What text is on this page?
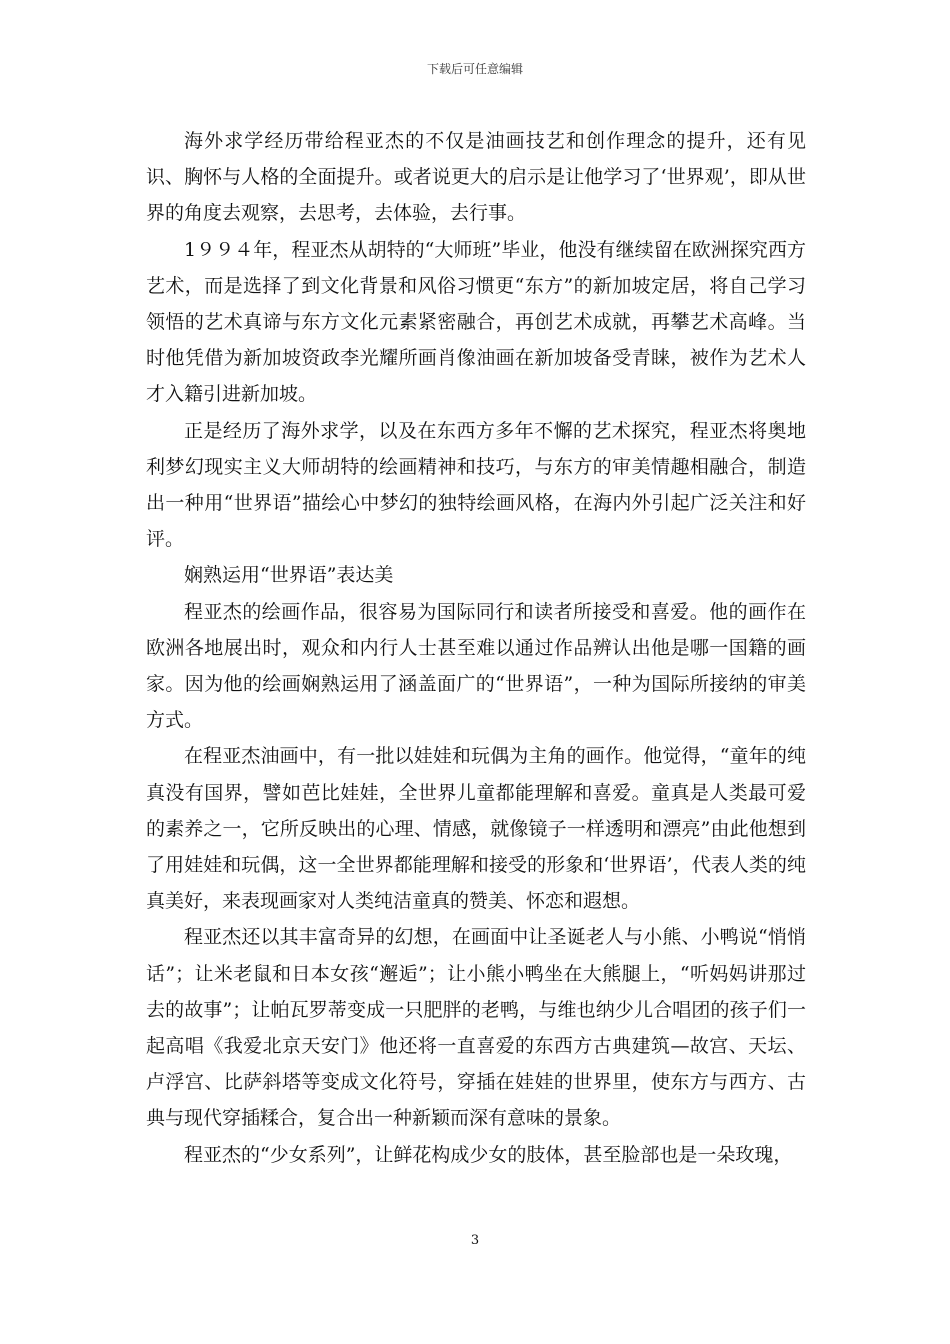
下载后可任意编辑

海外求学经历带给程亚杰的不仅是油画技艺和创作理念的提升，还有见识、胸怀与人格的全面提升。或者说更大的启示是让他学习了‘世界观’，即从世界的角度去观察，去思考，去体验，去行事。

1９９４年，程亚杰从胡特的“大师班”毕业，他没有继续留在欧洲探究西方艺术，而是选择了到文化背景和风俗习惯更“东方”的新加坡定居，将自己学习领悟的艺术真谛与东方文化元素紧密融合，再创艺术成就，再攀艺术高峰。当时他凭借为新加坡资政李光耀所画肖像油画在新加坡备受青睐，被作为艺术人才入籍引进新加坡。

正是经历了海外求学，以及在东西方多年不懈的艺术探究，程亚杰将奥地利梦幻现实主义大师胡特的绘画精神和技巧，与东方的审美情趣相融合，制造出一种用“世界语”描绘心中梦幻的独特绘画风格，在海内外引起广泛关注和好评。

娴熟运用“世界语”表达美

程亚杰的绘画作品，很容易为国际同行和读者所接受和喜爱。他的画作在欧洲各地展出时，观众和内行人士甚至难以通过作品辨认出他是哪一国籍的画家。因为他的绘画娴熟运用了涵盖面广的“世界语”，一种为国际所接纳的审美方式。

在程亚杰油画中，有一批以娃娃和玩偶为主角的画作。他觉得，“童年的纯真没有国界，譬如芭比娃娃，全世界儿童都能理解和喜爱。童真是人类最可爱的素养之一，它所反映出的心理、情感，就像镜子一样透明和漂亮”由此他想到了用娃娃和玩偶，这一全世界都能理解和接受的形象和‘世界语’，代表人类的纯真美好，来表现画家对人类纯洁童真的赞美、怀恋和遐想。

程亚杰还以其丰富奇异的幻想，在画面中让圣诞老人与小熊、小鸭说“悄悄话”；让米老鼠和日本女孩“邂逅”；让小熊小鸭坐在大熊腿上，“听妈妈讲那过去的故事”；让帕瓦罗蒂变成一只肥胖的老鸭，与维也纳少儿合唱团的孩子们一起高唱《我爱北京天安门》他还将一直喜爱的东西方古典建筑—故宫、天坛、卢浮宫、比萨斜塔等变成文化符号，穿插在娃娃的世界里，使东方与西方、古典与现代穿插糅合，复合出一种新颖而深有意味的景象。

程亚杰的“少女系列”，让鲜花构成少女的肢体，甚至脸部也是一朵玫瑰，

3
